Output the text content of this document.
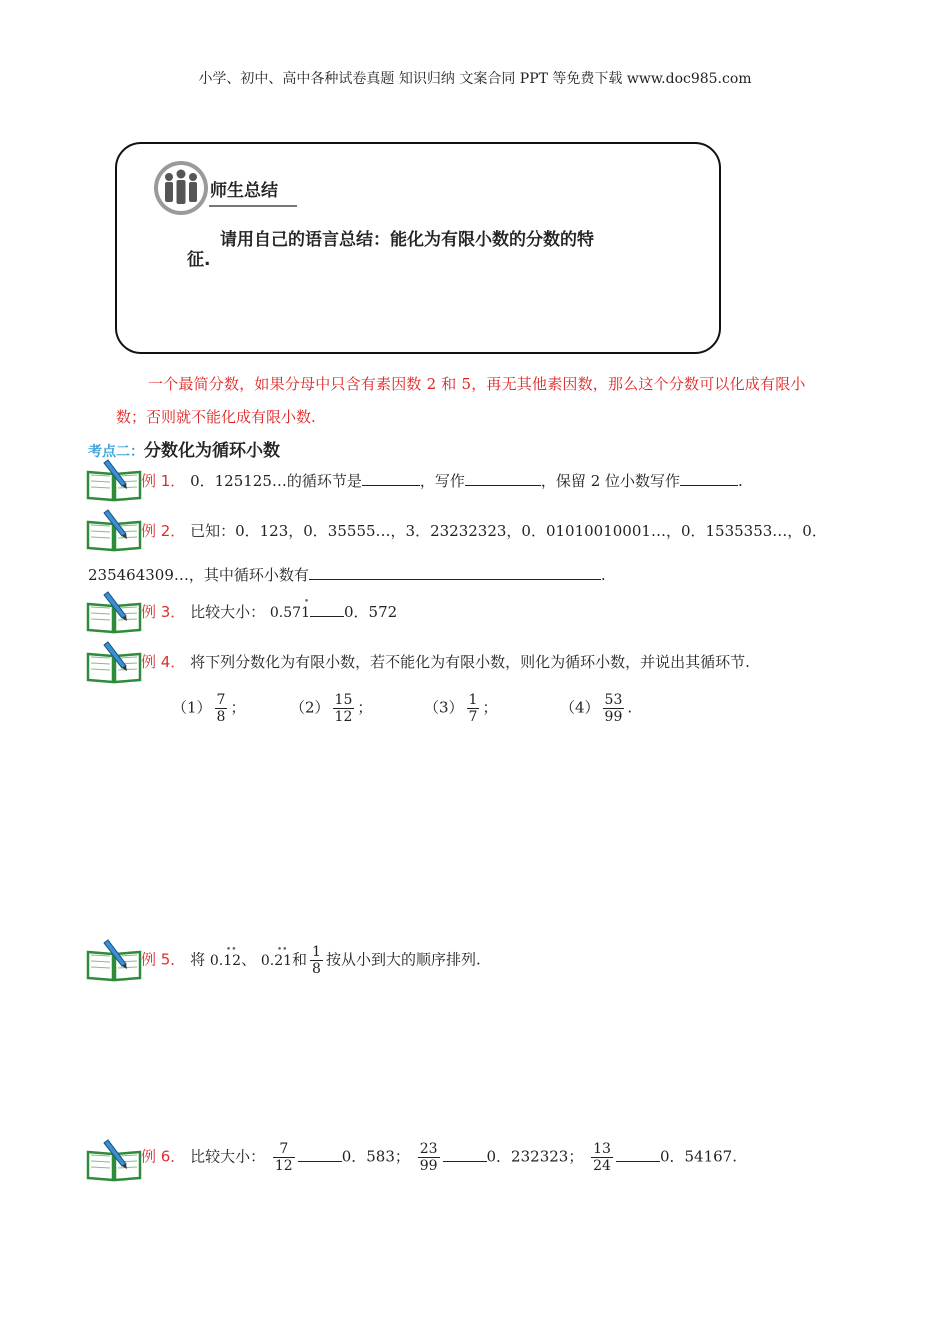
小学、初中、高中各种试卷真题 知识归纳 文案合同 PPT 等免费下载 www.doc985.com
师生总结
请用自己的语言总结：能化为有限小数的分数的特
征.
一个最简分数，如果分母中只含有素因数 2 和 5，再无其他素因数，那么这个分数可以化成有限小
数；否则就不能化成有限小数.
考点二：分数化为循环小数
例 1． 0．125125…的循环节是	，写作	，保留 2 位小数写作	.
例 2． 已知：0．123，0．35555…，3．23232323，0．01010010001…，0．1535353…，0．
235464309…，其中循环小数有	.
例 3． 比较大小： 0.571
•
0．572
例 4． 将下列分数化为有限小数，若不能化为有限小数，则化为循环小数，并说出其循环节.
$(1) \frac{7}{8}$ ；	$(2) \frac{15}{12}$ ；	$(3) \frac{1}{7}$ ；	$(4) \frac{53}{99}$ .
例 5． 将 0.12
••
、 0.21
••
和 $\frac{1}{8}$ 按从小到大的顺序排列.
例 6． 比较大小： $\frac{7}{12}$	0．583； $\frac{23}{99}$	0．232323； $\frac{13}{24}$	0．54167.
